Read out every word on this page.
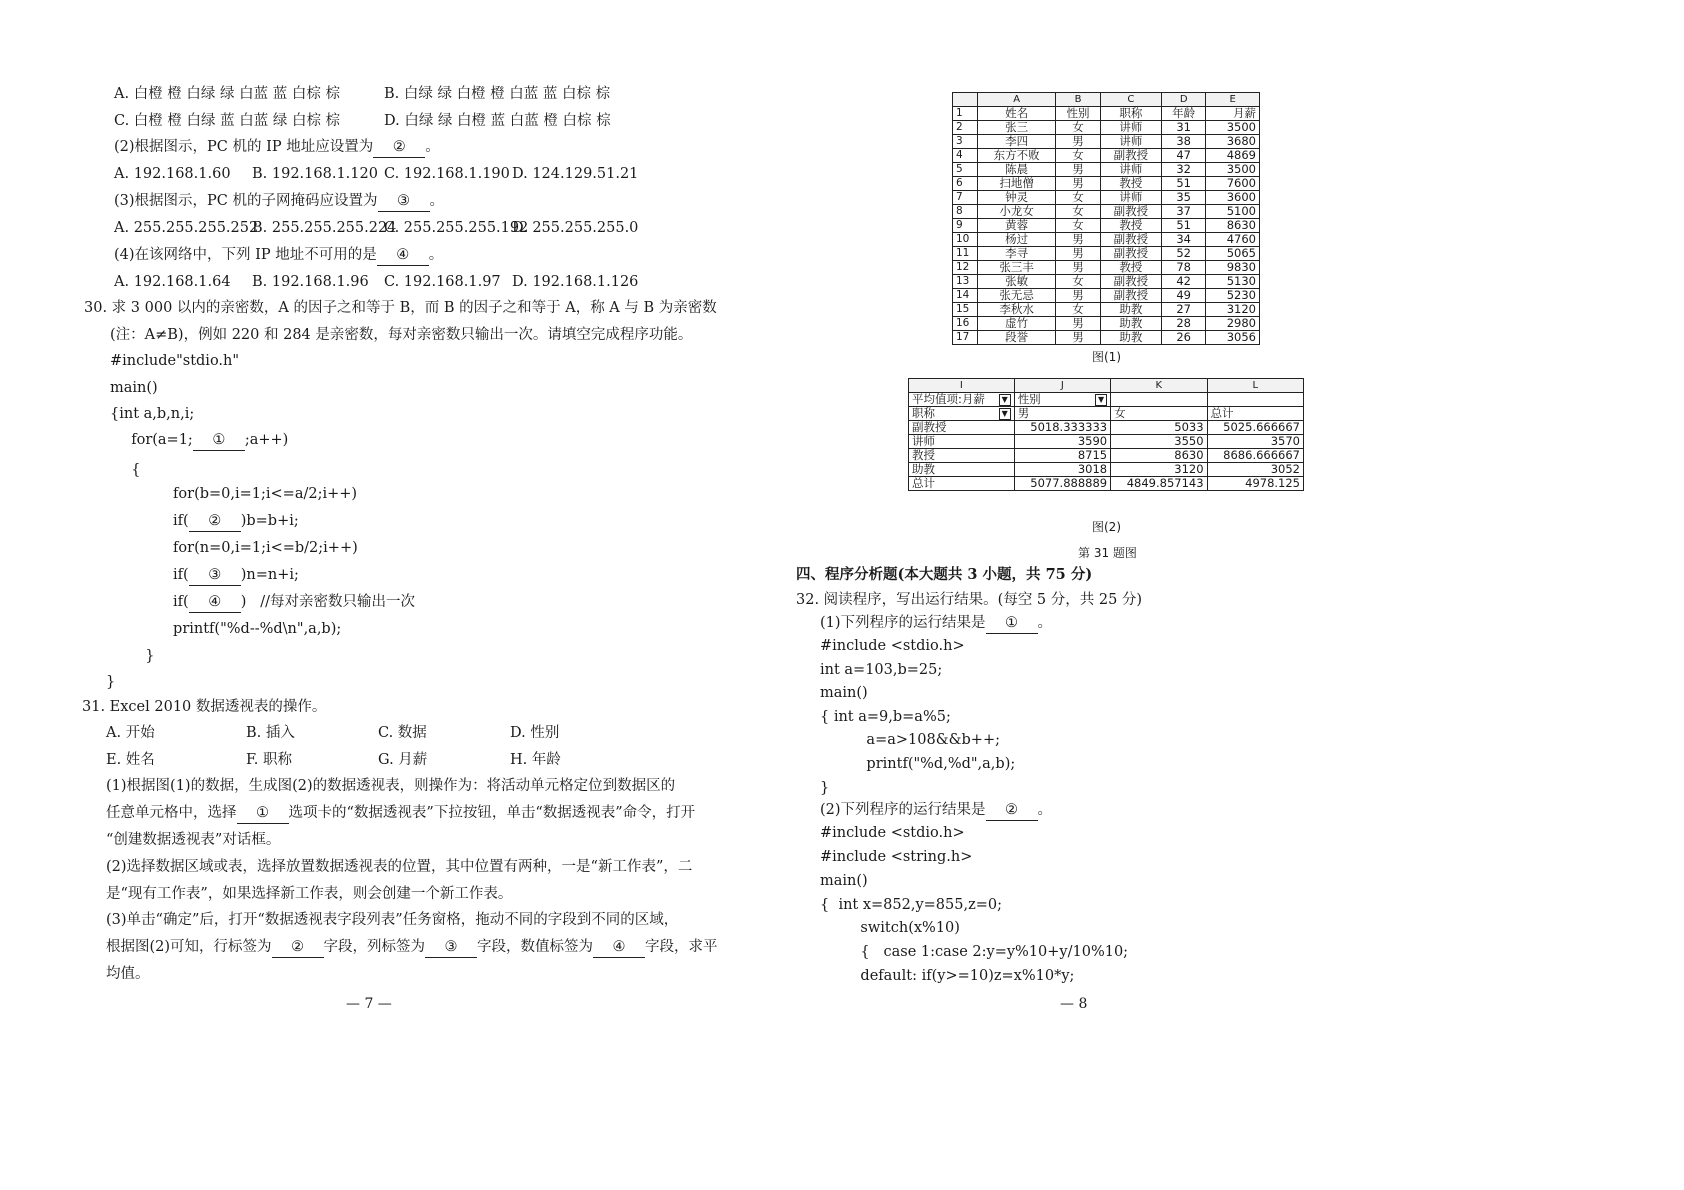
A. 白橙 橙 白绿 绿 白蓝 蓝 白棕 棕	B. 白绿 绿 白橙 橙 白蓝 蓝 白棕 棕
C. 白橙 橙 白绿 蓝 白蓝 绿 白棕 棕	D. 白绿 绿 白橙 蓝 白蓝 橙 白棕 棕
(2)根据图示，PC 机的 IP 地址应设置为 ② 。
A. 192.168.1.60 B. 192.168.1.120 C. 192.168.1.190 D. 124.129.51.21
(3)根据图示，PC 机的子网掩码应设置为 ③ 。
A. 255.255.255.252
B. 255.255.255.224
C. 255.255.255.192
D. 255.255.255.0
(4)在该网络中，下列 IP 地址不可用的是 ④ 。
A. 192.168.1.64 B. 192.168.1.96 C. 192.168.1.97 D. 192.168.1.126
30. 求 3 000 以内的亲密数，A 的因子之和等于 B，而 B 的因子之和等于 A，称 A 与 B 为亲密数
(注：A≠B)，例如 220 和 284 是亲密数，每对亲密数只输出一次。请填空完成程序功能。
31. Excel 2010 数据透视表的操作。
A. 开始	B. 插入	C. 数据	D. 性别
E. 姓名	F. 职称	G. 月薪	H. 年龄
(1)根据图(1)的数据，生成图(2)的数据透视表，则操作为：将活动单元格定位到数据区的
任意单元格中，选择 ① 选项卡的“数据透视表”下拉按钮，单击“数据透视表”命令，打开
“创建数据透视表”对话框。
(2)选择数据区域或表，选择放置数据透视表的位置，其中位置有两种，一是“新工作表”，二
是“现有工作表”，如果选择新工作表，则会创建一个新工作表。
(3)单击“确定”后，打开“数据透视表字段列表”任务窗格，拖动不同的字段到不同的区域，
根据图(2)可知，行标签为 ② 字段，列标签为 ③ 字段，数值标签为 ④ 字段，求平
均值。
— 7 —
#include"stdio.h"
main()
{int a,b,n,i;
for(a=1; ① ;a++)
{
for(b=0,i=1;i<=a/2;i++)
if( ② )b=b+i;
for(n=0,i=1;i<=b/2;i++)
if( ③ )n=n+i;
if( ④ )   //每对亲密数只输出一次
printf("%d--%d\n",a,b);
}
}
	A	B	C	D	E
1	姓名	性别	职称	年龄	月薪
2	张三	女	讲师	31	3500
3	李四	男	讲师	38	3680
4	东方不败	女	副教授	47	4869
5	陈晨	男	讲师	32	3500
6	扫地僧	男	教授	51	7600
7	钟灵	女	讲师	35	3600
8	小龙女	女	副教授	37	5100
9	黄蓉	女	教授	51	8630
10	杨过	男	副教授	34	4760
11	李寻	男	副教授	52	5065
12	张三丰	男	教授	78	9830
13	张敏	女	副教授	42	5130
14	张无忌	男	副教授	49	5230
15	李秋水	女	助教	27	3120
16	虚竹	男	助教	28	2980
17	段誉	男	助教	26	3056
图(1)
I	J	K	L
平均值项:月薪 ▼	性别 ▼		

职称 ▼	男	女	总计
副教授	5018.333333	5033	5025.666667
讲师	3590	3550	3570
教授	8715	8630	8686.666667
助教	3018	3120	3052
总计	5077.888889	4849.857143	4978.125
图(2)
第 31 题图
四、程序分析题(本大题共 3 小题，共 75 分)
32. 阅读程序，写出运行结果。(每空 5 分，共 25 分)
(1)下列程序的运行结果是 ① 。
(2)下列程序的运行结果是 ② 。
— 8
#include <stdio.h>
int a=103,b=25;
main()
{ int a=9,b=a%5;
a=a>108&&b++;
printf("%d,%d",a,b);
}
#include <stdio.h>
#include <string.h>
main()
{  int x=852,y=855,z=0;
switch(x%10)
{   case 1:case 2:y=y%10+y/10%10;
default: if(y>=10)z=x%10*y;
